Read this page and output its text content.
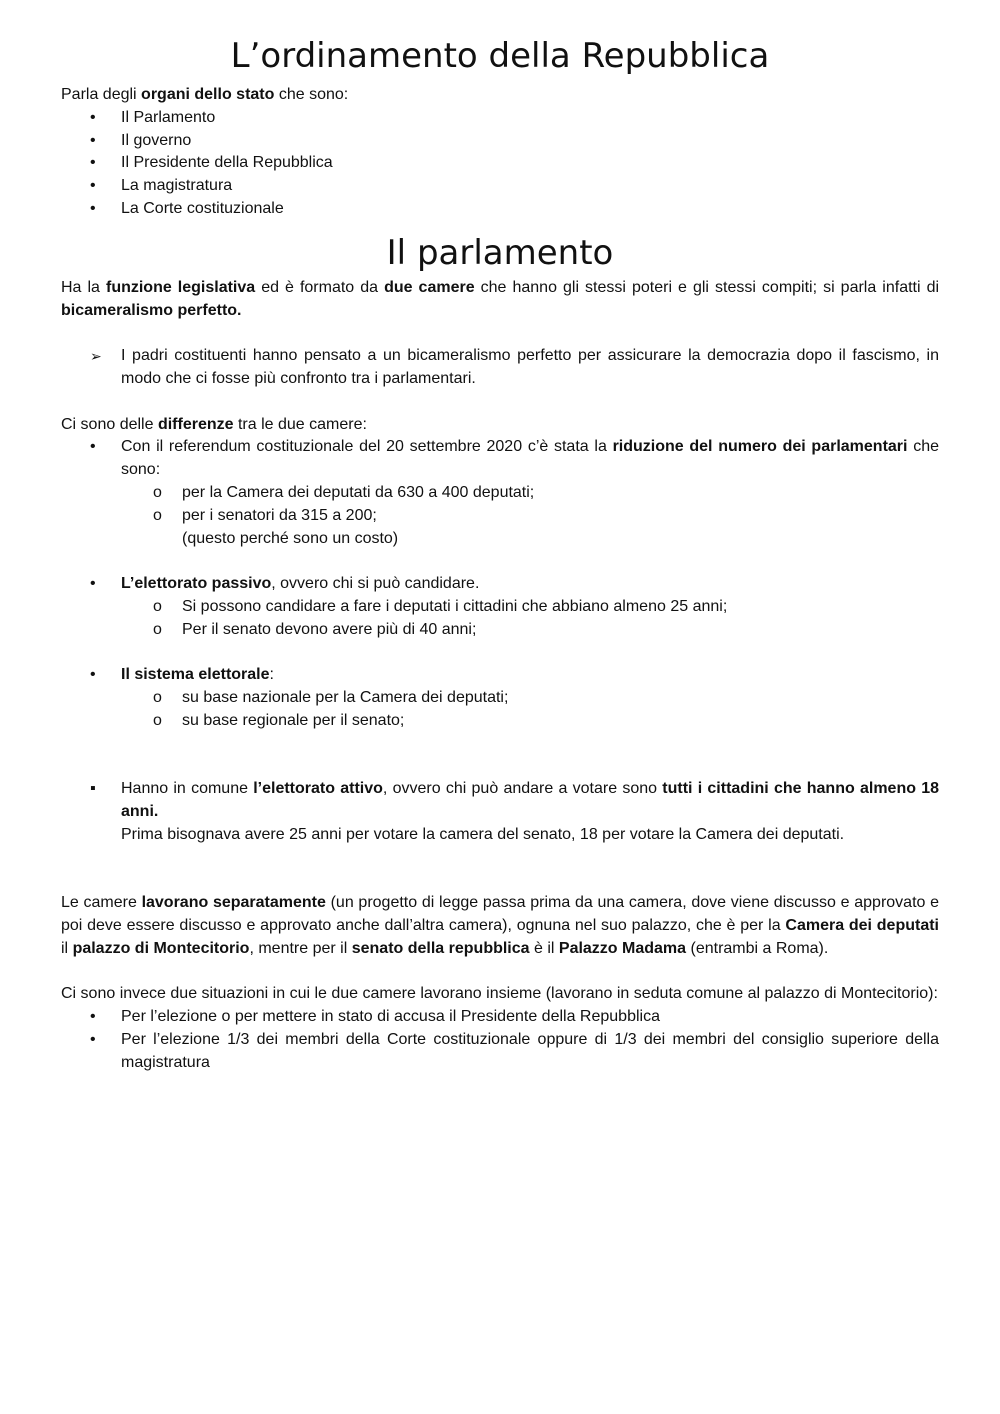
L’ordinamento della Repubblica

Parla degli organi dello stato che sono:

•
Il Parlamento
•
Il governo
•
Il Presidente della Repubblica
•
La magistratura
•
La Corte costituzionale
Il parlamento

Ha la funzione legislativa ed è formato da due camere che hanno gli stessi poteri e gli stessi compiti; si parla infatti di bicameralismo perfetto.

➢
I padri costituenti hanno pensato a un bicameralismo perfetto per assicurare la democrazia dopo il fascismo, in modo che ci fosse più confronto tra i parlamentari.

Ci sono delle differenze tra le due camere:

•
Con il referendum costituzionale del 20 settembre 2020 c’è stata la riduzione del numero dei parlamentari che sono:
o
per la Camera dei deputati da 630 a 400 deputati;
o
per i senatori da 315 a 200;

(questo perché sono un costo)

•
L’elettorato passivo, ovvero chi si può candidare.
o
Si possono candidare a fare i deputati i cittadini che abbiano almeno 25 anni;
o
Per il senato devono avere più di 40 anni;
•
Il sistema elettorale:
o
su base nazionale per la Camera dei deputati;
o
su base regionale per il senato;
▪
Hanno in comune l’elettorato attivo, ovvero chi può andare a votare sono tutti i cittadini che hanno almeno 18 anni.
Prima bisognava avere 25 anni per votare la camera del senato, 18 per votare la Camera dei deputati.

Le camere lavorano separatamente (un progetto di legge passa prima da una camera, dove viene discusso e approvato e poi deve essere discusso e approvato anche dall’altra camera), ognuna nel suo palazzo, che è per la Camera dei deputati il palazzo di Montecitorio, mentre per il senato della repubblica è il Palazzo Madama (entrambi a Roma).

Ci sono invece due situazioni in cui le due camere lavorano insieme (lavorano in seduta comune al palazzo di Montecitorio):

•
Per l’elezione o per mettere in stato di accusa il Presidente della Repubblica
•
Per l’elezione 1/3 dei membri della Corte costituzionale oppure di 1/3 dei membri del consiglio superiore della magistratura
